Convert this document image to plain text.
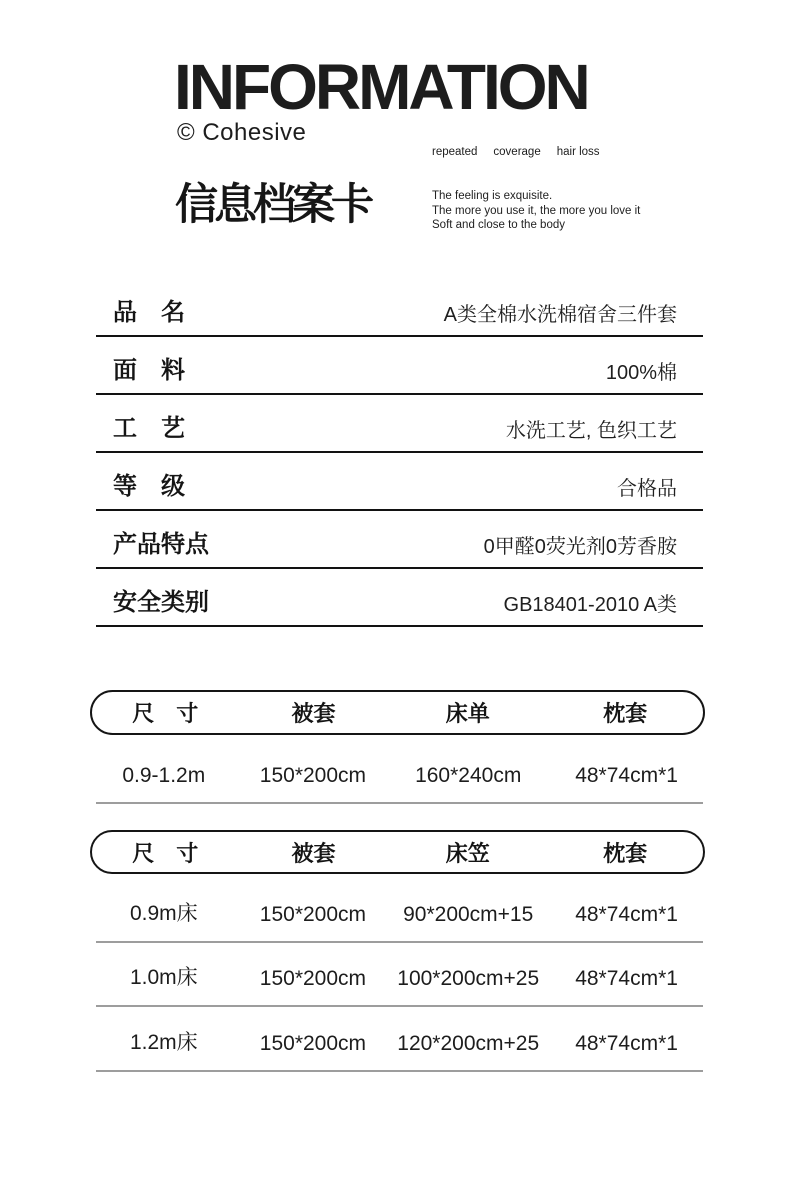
INFORMATION
© Cohesive
repeated coverage hair loss
信息档案卡	The feeling is exquisite.
The more you use it, the more you love it
Soft and close to the body
品　名	A类全棉水洗棉宿舍三件套
面　料	100%棉
工　艺	水洗工艺, 色织工艺
等　级	合格品
产品特点	0甲醛0荧光剂0芳香胺
安全类别	GB18401-2010 A类
尺　寸	被套	床单	枕套
0.9-1.2m	150*200cm	160*240cm	48*74cm*1
尺　寸	被套	床笠	枕套
0.9m床	150*200cm	90*200cm+15	48*74cm*1
1.0m床	150*200cm	100*200cm+25	48*74cm*1
1.2m床	150*200cm	120*200cm+25	48*74cm*1
